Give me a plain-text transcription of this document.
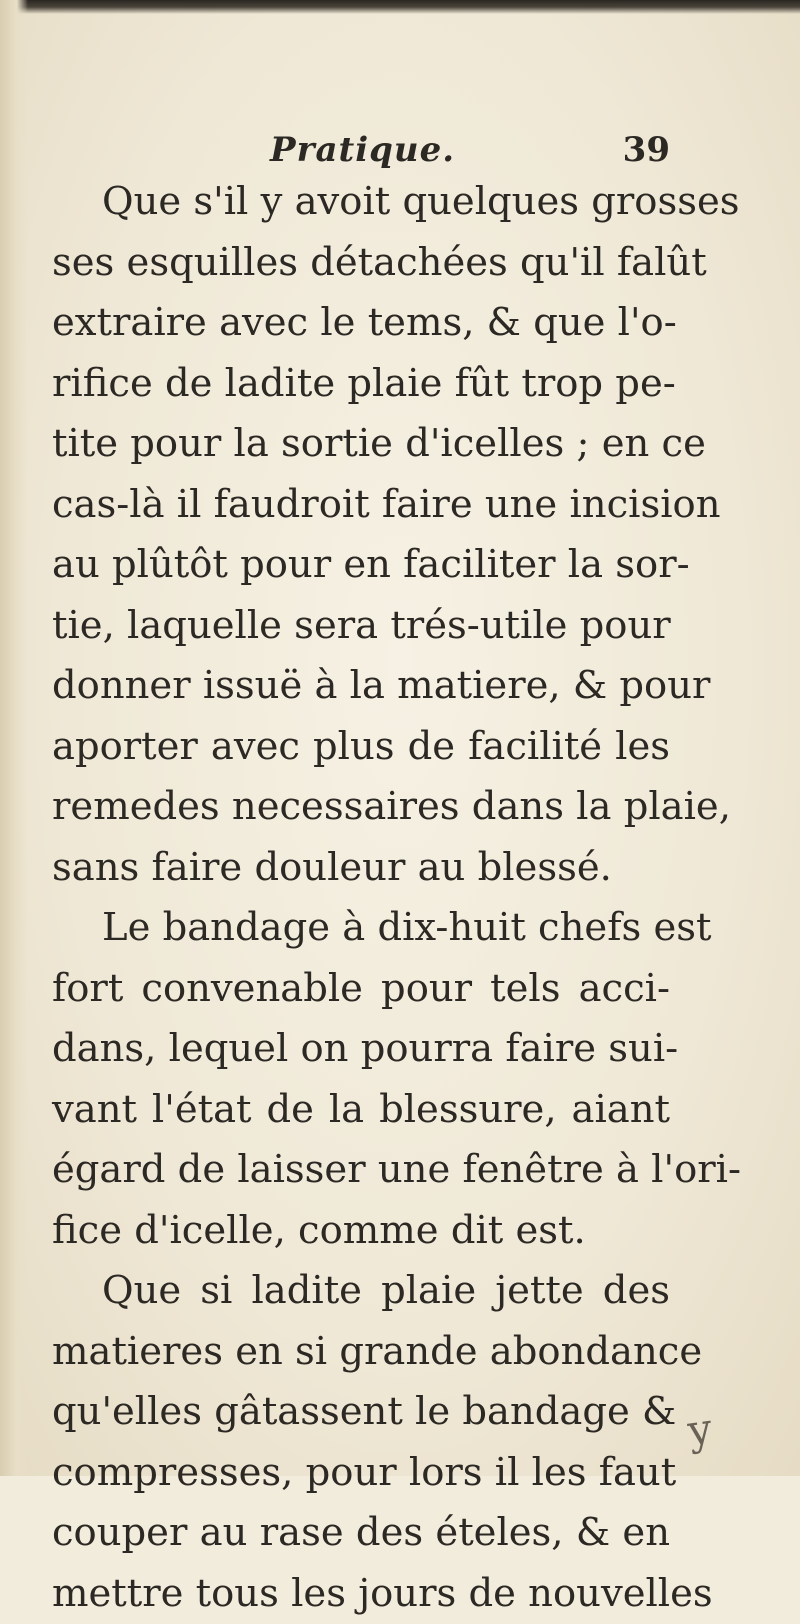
Pratique.	39
Que s'il y avoit quelques grosses
ses esquilles détachées qu'il falût
extraire avec le tems, & que l'o-
rifice de ladite plaie fût trop pe-
tite pour la sortie d'icelles ; en ce
cas-là il faudroit faire une incision
au plûtôt pour en faciliter la sor-
tie, laquelle sera trés-utile pour
donner issuë à la matiere, & pour
aporter avec plus de facilité les
remedes necessaires dans la plaie,
sans faire douleur au blessé.
Le bandage à dix-huit chefs est
fort convenable pour tels acci-
dans, lequel on pourra faire sui-
vant l'état de la blessure, aiant
égard de laisser une fenêtre à l'ori-
fice d'icelle, comme dit est.
Que si ladite plaie jette des
matieres en si grande abondance
qu'elles gâtassent le bandage &
compresses, pour lors il les faut
couper au rase des ételes, & en
mettre tous les jours de nouvelles
y
